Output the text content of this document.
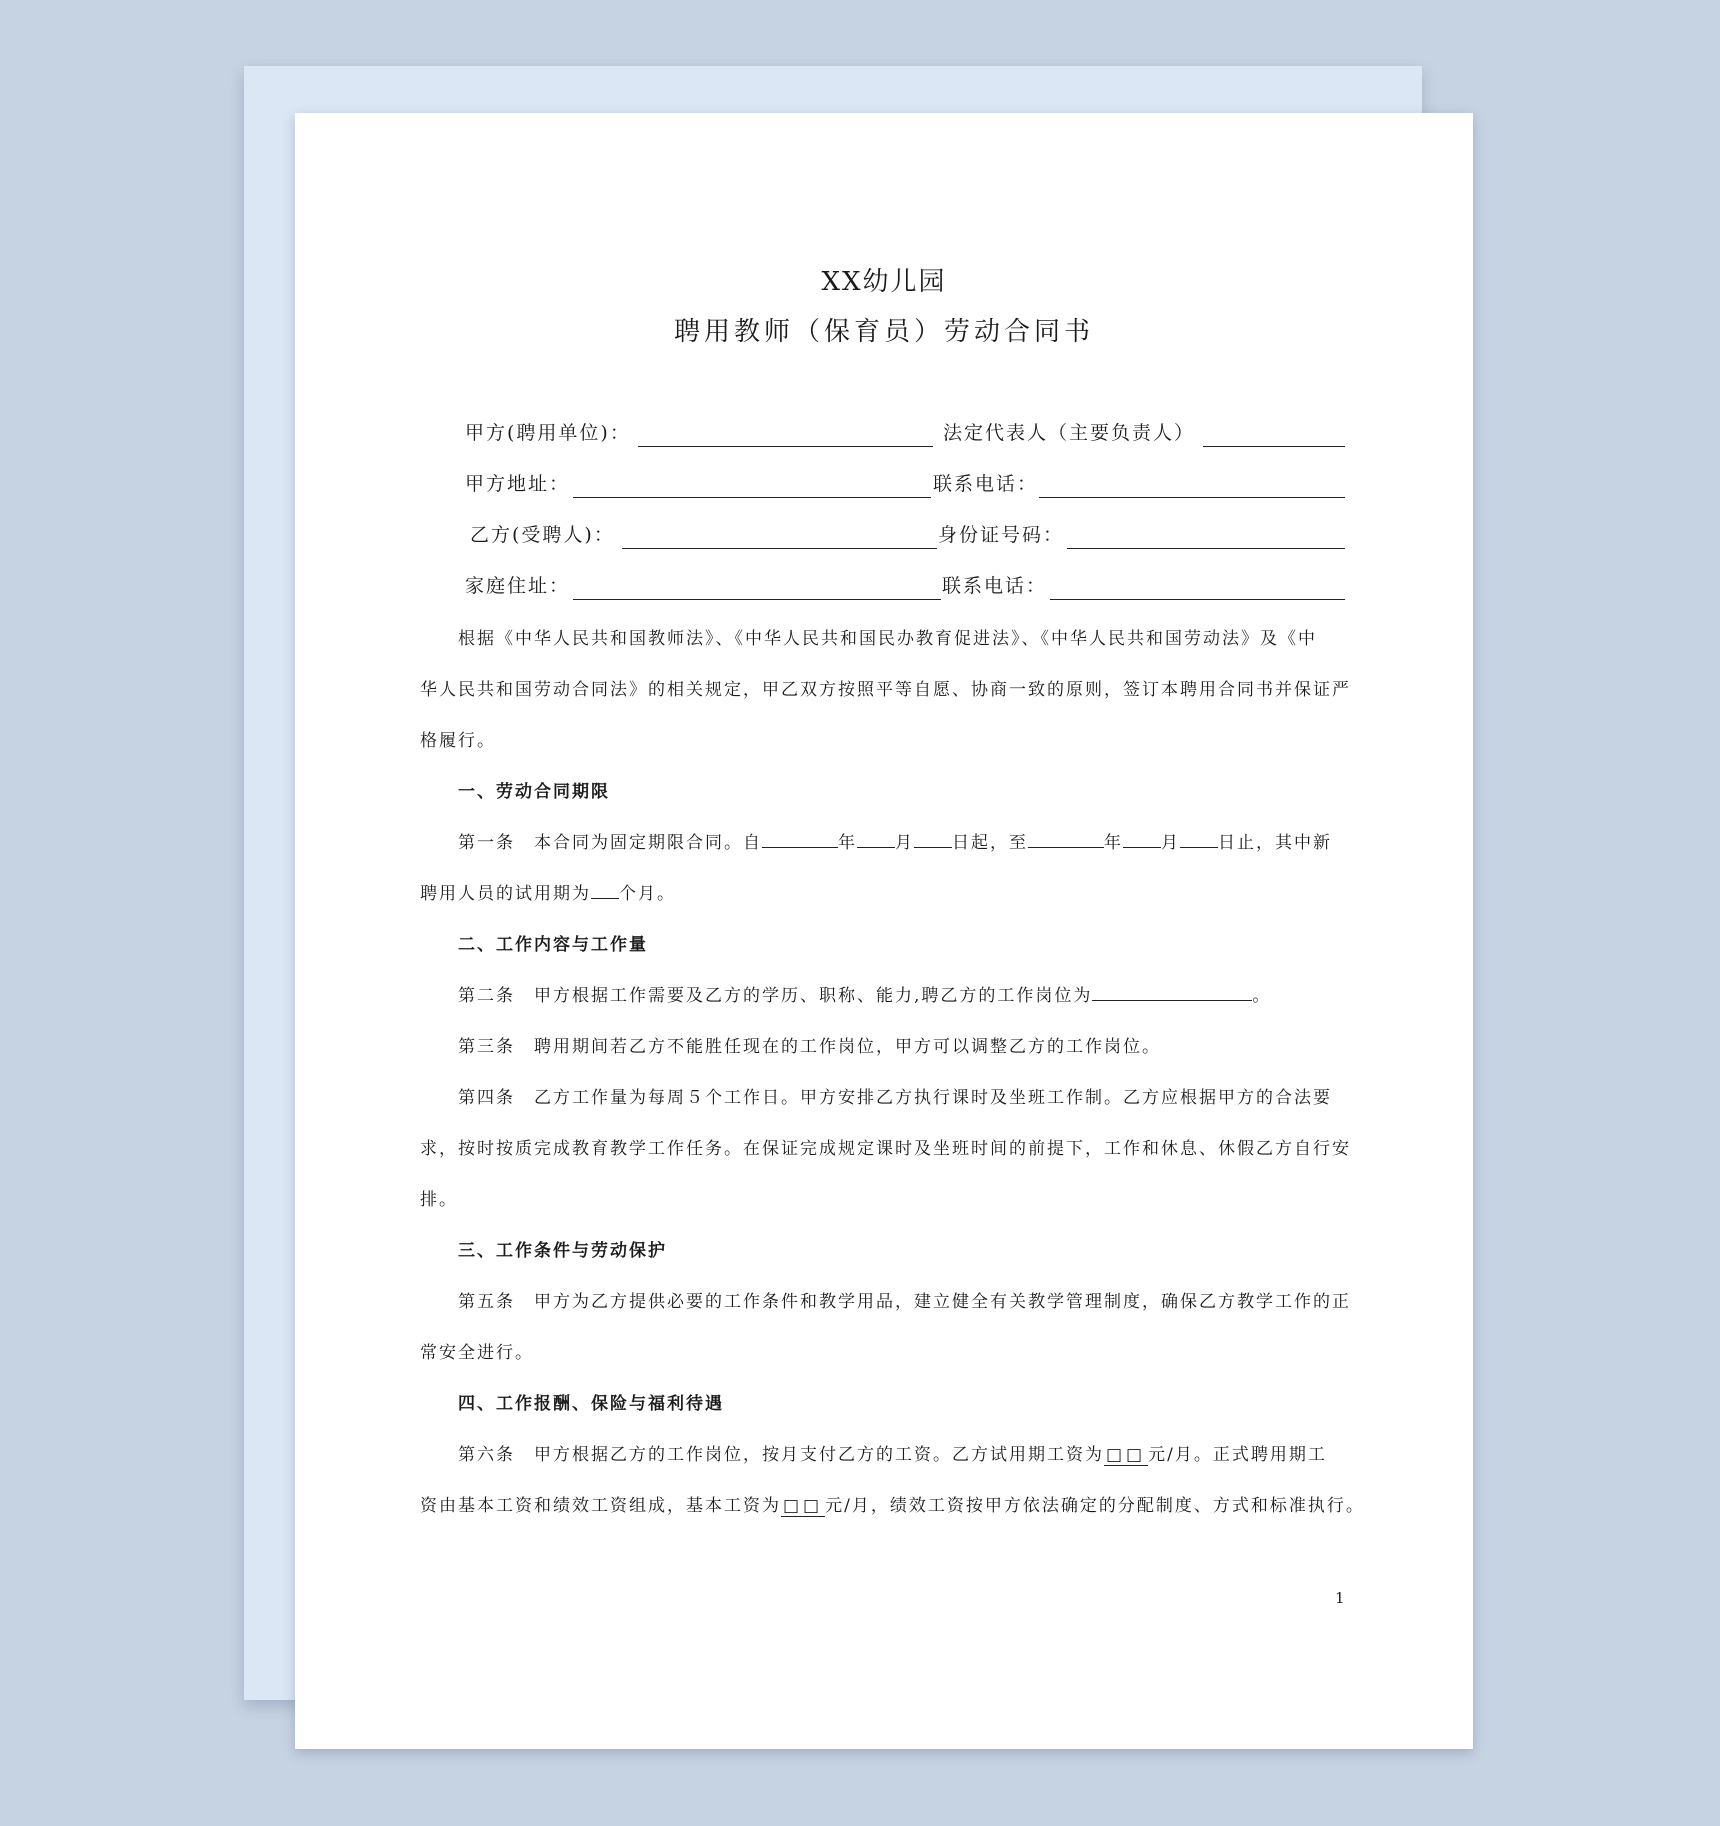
XX幼儿园
聘用教师（保育员）劳动合同书
甲方(聘用单位)：	法定代表人（主要负责人）
甲方地址：	联系电话：
乙方(受聘人)：	身份证号码：
家庭住址：	联系电话：

根据《中华人民共和国教师法》、《中华人民共和国民办教育促进法》、《中华人民共和国劳动法》及《中

华人民共和国劳动合同法》的相关规定，甲乙双方按照平等自愿、协商一致的原则，签订本聘用合同书并保证严

格履行。

一、劳动合同期限

第一条　本合同为固定期限合同。自	年 月 日起，至	年 月 日止，其中新

聘用人员的试用期为 个月。

二、工作内容与工作量

第二条　甲方根据工作需要及乙方的学历、职称、能力,聘乙方的工作岗位为	。

第三条　聘用期间若乙方不能胜任现在的工作岗位，甲方可以调整乙方的工作岗位。

第四条　乙方工作量为每周５个工作日。甲方安排乙方执行课时及坐班工作制。乙方应根据甲方的合法要

求，按时按质完成教育教学工作任务。在保证完成规定课时及坐班时间的前提下，工作和休息、休假乙方自行安

排。

三、工作条件与劳动保护

第五条　甲方为乙方提供必要的工作条件和教学用品，建立健全有关教学管理制度，确保乙方教学工作的正

常安全进行。

四、工作报酬、保险与福利待遇

第六条　甲方根据乙方的工作岗位，按月支付乙方的工资。乙方试用期工资为 □□ 元/月。正式聘用期工

资由基本工资和绩效工资组成，基本工资为 □□ 元/月，绩效工资按甲方依法确定的分配制度、方式和标准执行。

1
